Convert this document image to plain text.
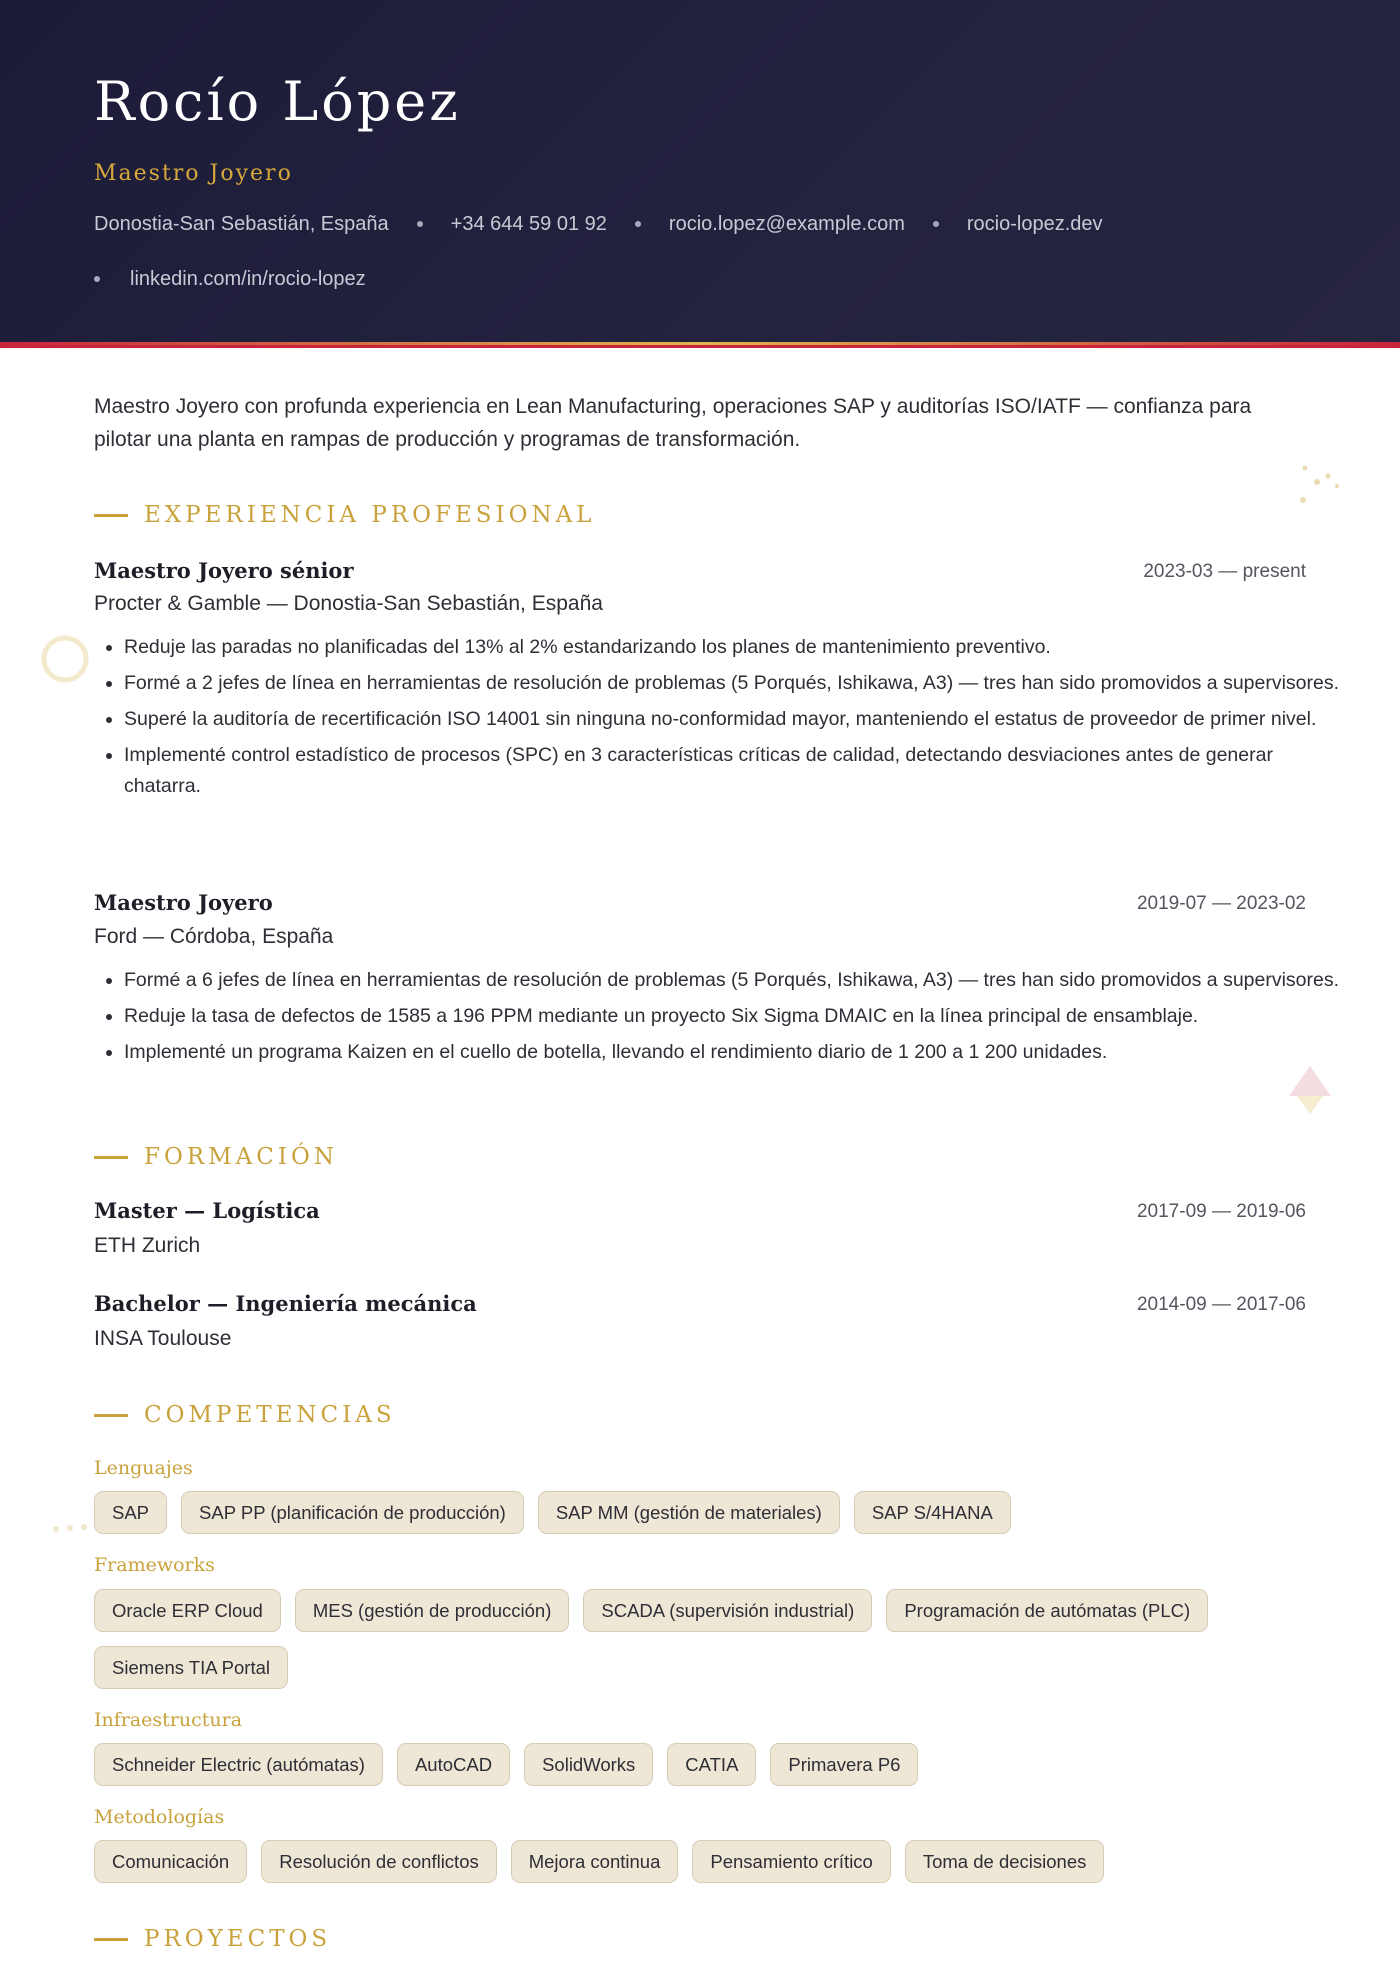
Rocío López
Maestro Joyero
Donostia-San Sebastián, España	+34 644 59 01 92	rocio.lopez@example.com	rocio-lopez.dev
linkedin.com/in/rocio-lopez
Maestro Joyero con profunda experiencia en Lean Manufacturing, operaciones SAP y auditorías ISO/IATF — confianza para pilotar una planta en rampas de producción y programas de transformación.
EXPERIENCIA PROFESIONAL
Maestro Joyero sénior	2023-03 — present
Procter & Gamble — Donostia-San Sebastián, España
• Reduje las paradas no planificadas del 13% al 2% estandarizando los planes de mantenimiento preventivo.
• Formé a 2 jefes de línea en herramientas de resolución de problemas (5 Porqués, Ishikawa, A3) — tres han sido promovidos a supervisores.
• Superé la auditoría de recertificación ISO 14001 sin ninguna no-conformidad mayor, manteniendo el estatus de proveedor de primer nivel.
• Implementé control estadístico de procesos (SPC) en 3 características críticas de calidad, detectando desviaciones antes de generar chatarra.
Maestro Joyero	2019-07 — 2023-02
Ford — Córdoba, España
• Formé a 6 jefes de línea en herramientas de resolución de problemas (5 Porqués, Ishikawa, A3) — tres han sido promovidos a supervisores.
• Reduje la tasa de defectos de 1585 a 196 PPM mediante un proyecto Six Sigma DMAIC en la línea principal de ensamblaje.
• Implementé un programa Kaizen en el cuello de botella, llevando el rendimiento diario de 1 200 a 1 200 unidades.
FORMACIÓN
Master — Logística	2017-09 — 2019-06
ETH Zurich
Bachelor — Ingeniería mecánica	2014-09 — 2017-06
INSA Toulouse
COMPETENCIAS
Lenguajes
SAP	SAP PP (planificación de producción)	SAP MM (gestión de materiales)	SAP S/4HANA
Frameworks
Oracle ERP Cloud	MES (gestión de producción)	SCADA (supervisión industrial)	Programación de autómatas (PLC)
Siemens TIA Portal
Infraestructura
Schneider Electric (autómatas)	AutoCAD	SolidWorks	CATIA	Primavera P6
Metodologías
Comunicación	Resolución de conflictos	Mejora continua	Pensamiento crítico	Toma de decisiones
PROYECTOS
